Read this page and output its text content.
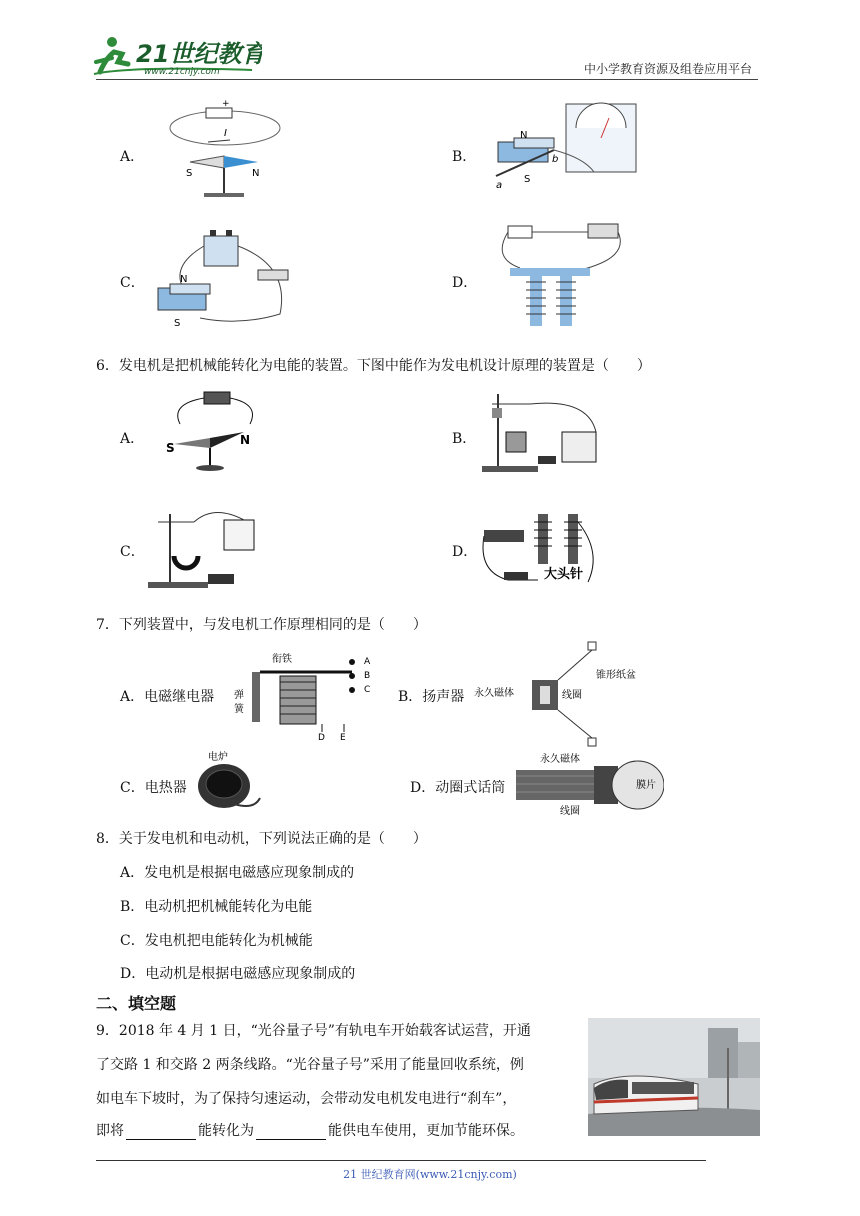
21世纪教育
www.21cnjy.com	中小学教育资源及组卷应用平台
A．
+
I
S	N
B．
N
S
a
b
C．	N
S
D．
6．发电机是把机械能转化为电能的装置。下图中能作为发电机设计原理的装置是（　　）
A．
S
N	B．
C．	D．
大头针
7．下列装置中，与发电机工作原理相同的是（　　）
A．电磁继电器
衔铁
弹
簧
A
B
C
D E
B．扬声器 永久磁体	线圈
锥形纸盆
C．电热器
电炉
D．动圈式话筒
永久磁体
膜片
线圈
8．关于发电机和电动机，下列说法正确的是（　　）
A．发电机是根据电磁感应现象制成的
B．电动机把机械能转化为电能
C．发电机把电能转化为机械能
D．电动机是根据电磁感应现象制成的
二、填空题
9．2018 年 4 月 1 日，“光谷量子号”有轨电车开始载客试运营，开通
了交路 1 和交路 2 两条线路。“光谷量子号”采用了能量回收系统，例
如电车下坡时，为了保持匀速运动，会带动发电机发电进行“刹车”，
即将	能转化为	能供电车使用，更加节能环保。
21 世纪教育网(www.21cnjy.com)
